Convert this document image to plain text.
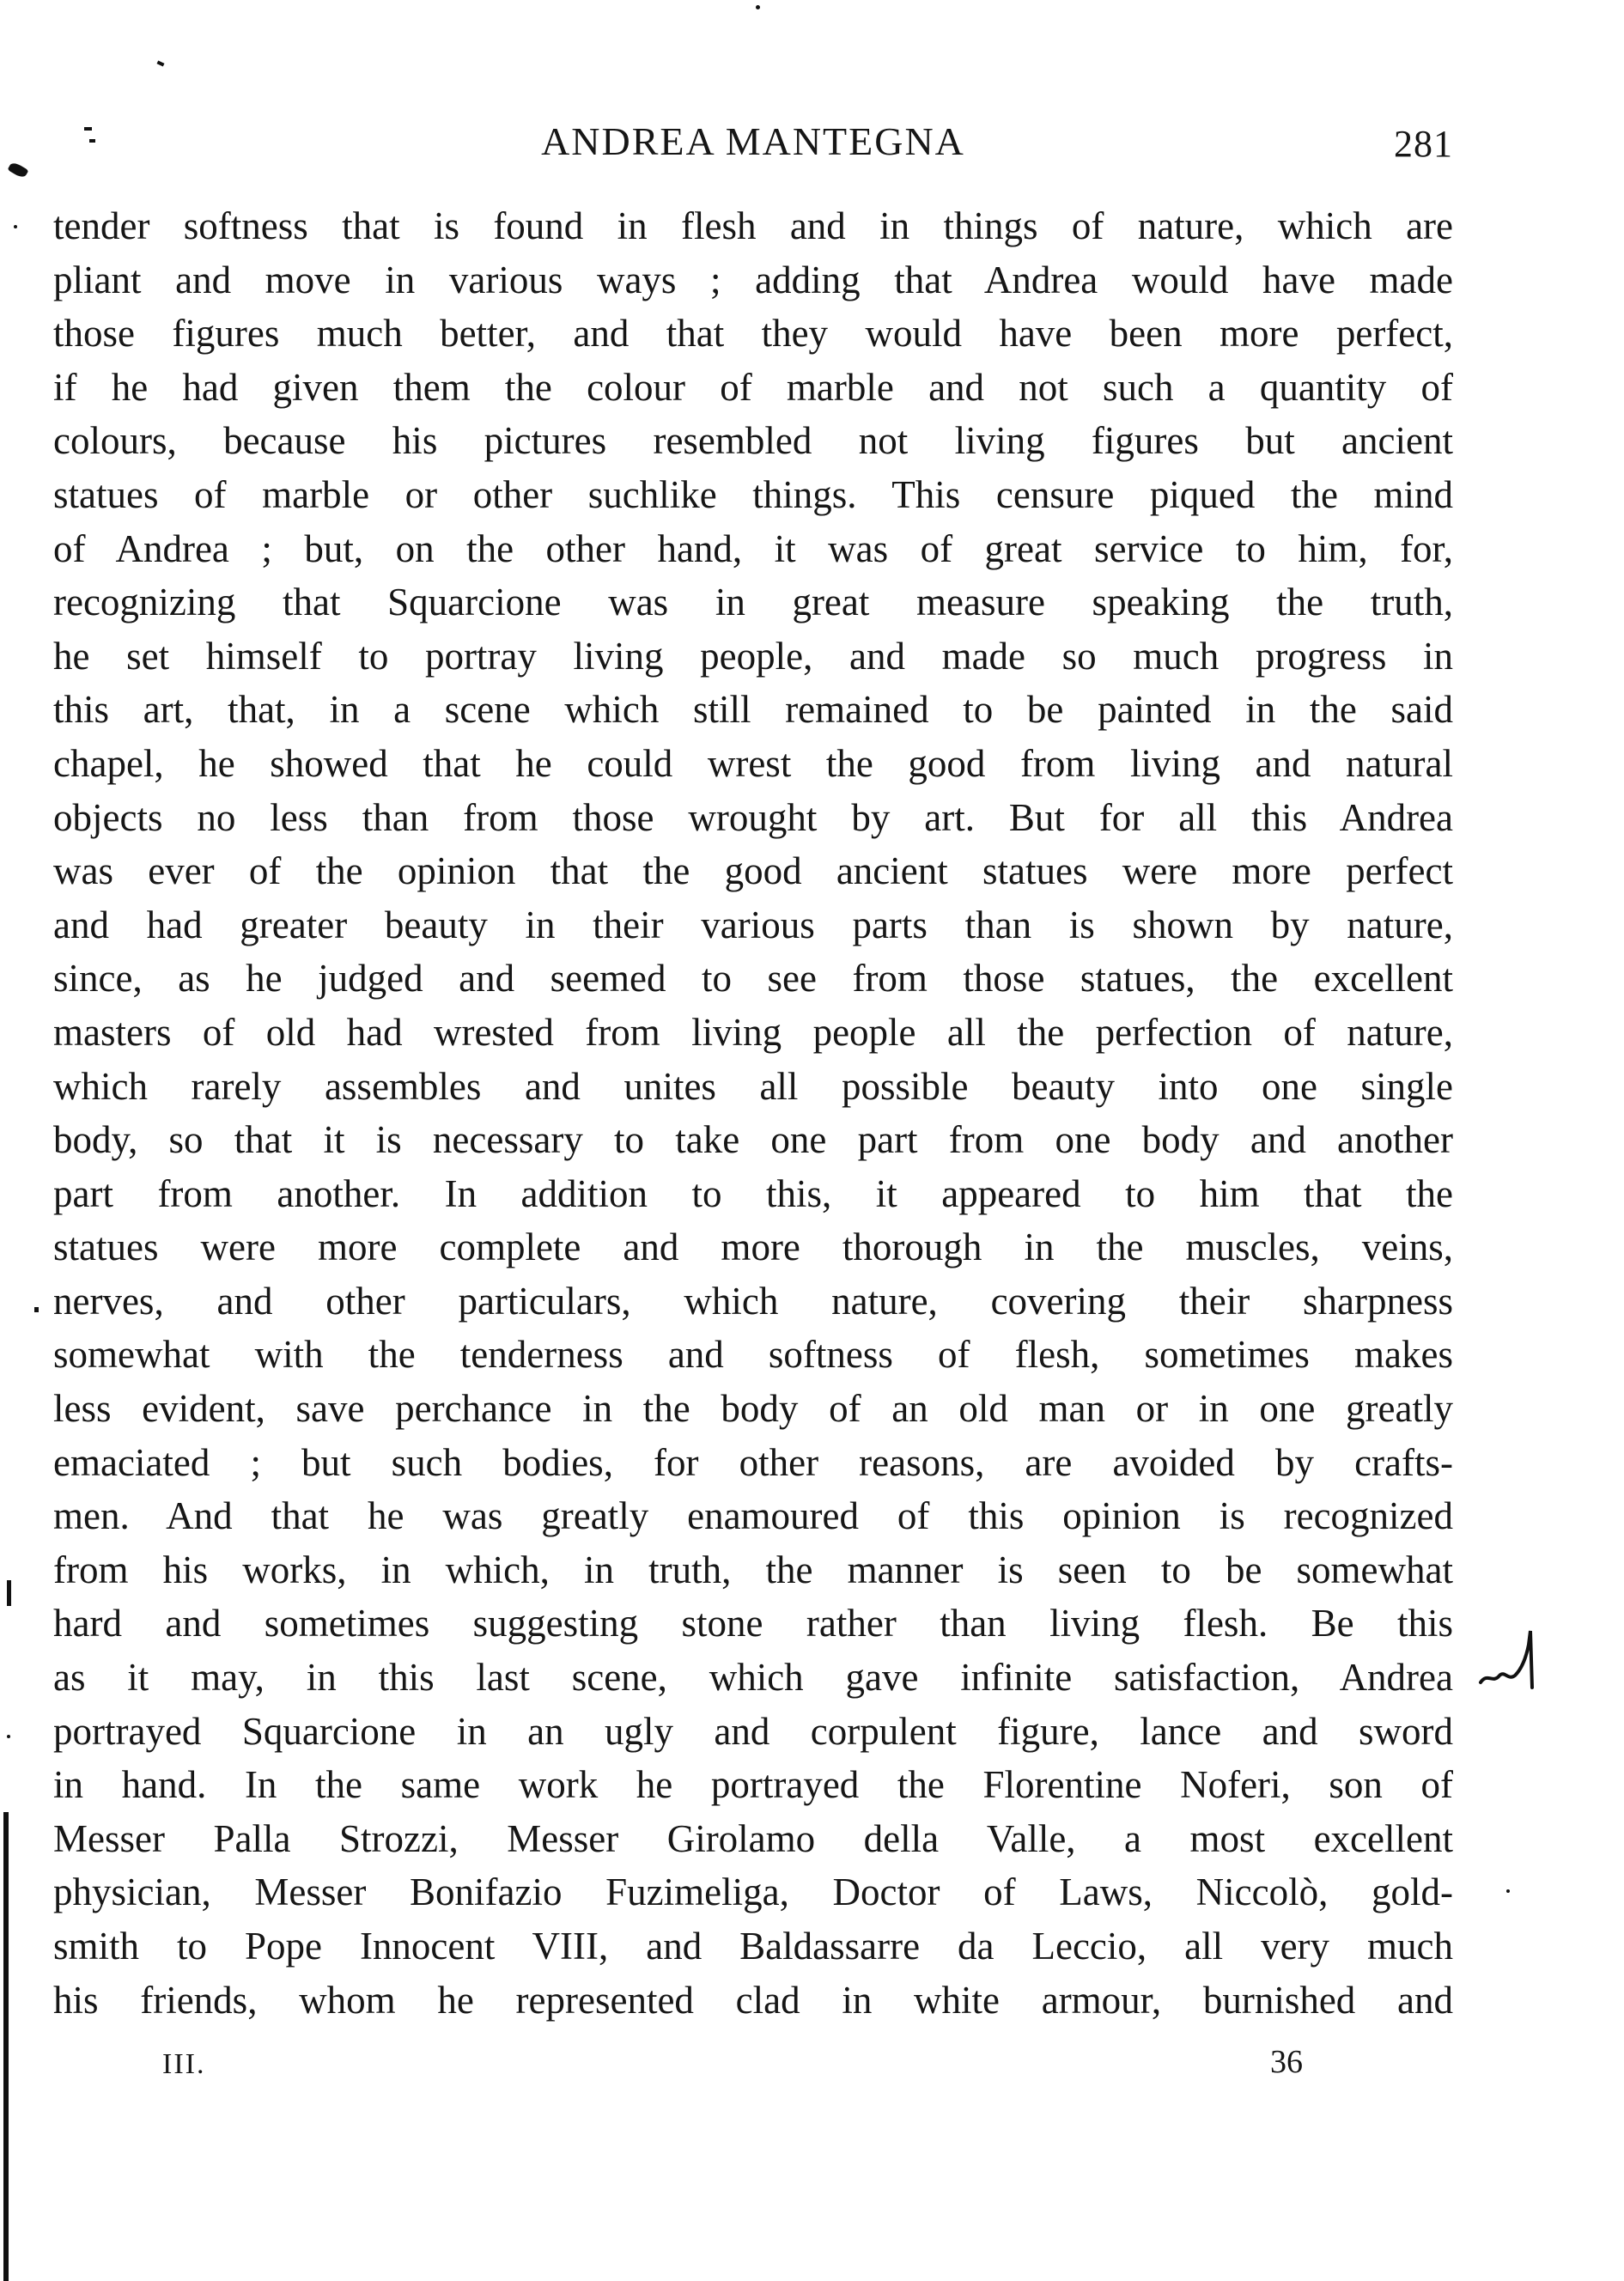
ANDREA MANTEGNA	281
tender softness that is found in flesh and in things of nature, which are
pliant and move in various ways ; adding that Andrea would have made
those figures much better, and that they would have been more perfect,
if he had given them the colour of marble and not such a quantity of
colours, because his pictures resembled not living figures but ancient
statues of marble or other suchlike things. This censure piqued the mind
of Andrea ; but, on the other hand, it was of great service to him, for,
recognizing that Squarcione was in great measure speaking the truth,
he set himself to portray living people, and made so much progress in
this art, that, in a scene which still remained to be painted in the said
chapel, he showed that he could wrest the good from living and natural
objects no less than from those wrought by art. But for all this Andrea
was ever of the opinion that the good ancient statues were more perfect
and had greater beauty in their various parts than is shown by nature,
since, as he judged and seemed to see from those statues, the excellent
masters of old had wrested from living people all the perfection of nature,
which rarely assembles and unites all possible beauty into one single
body, so that it is necessary to take one part from one body and another
part from another. In addition to this, it appeared to him that the
statues were more complete and more thorough in the muscles, veins,
nerves, and other particulars, which nature, covering their sharpness
somewhat with the tenderness and softness of flesh, sometimes makes
less evident, save perchance in the body of an old man or in one greatly
emaciated ; but such bodies, for other reasons, are avoided by crafts-
men. And that he was greatly enamoured of this opinion is recognized
from his works, in which, in truth, the manner is seen to be somewhat
hard and sometimes suggesting stone rather than living flesh. Be this
as it may, in this last scene, which gave infinite satisfaction, Andrea
portrayed Squarcione in an ugly and corpulent figure, lance and sword
in hand. In the same work he portrayed the Florentine Noferi, son of
Messer Palla Strozzi, Messer Girolamo della Valle, a most excellent
physician, Messer Bonifazio Fuzimeliga, Doctor of Laws, Niccolò, gold-
smith to Pope Innocent VIII, and Baldassarre da Leccio, all very much
his friends, whom he represented clad in white armour, burnished and
III.	36
